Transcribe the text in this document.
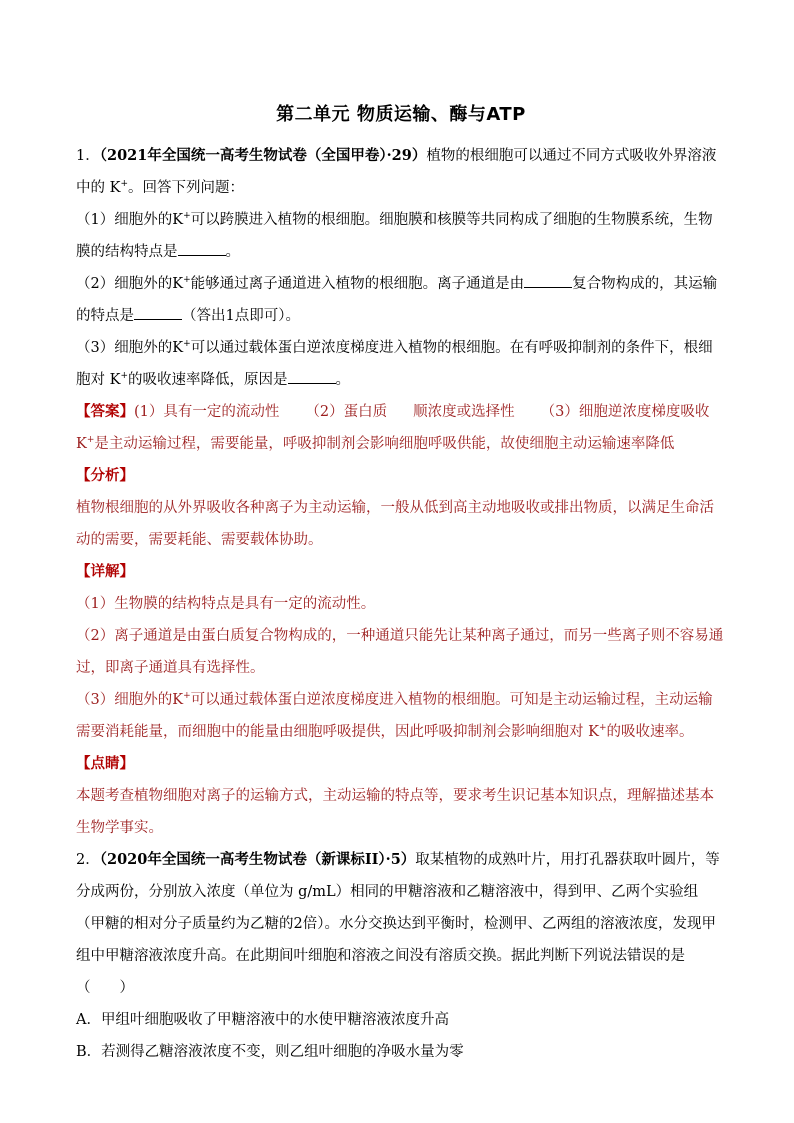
第二单元 物质运输、酶与ATP

1．（2021年全国统一高考生物试卷（全国甲卷）·29）植物的根细胞可以通过不同方式吸收外界溶液中的 K+。回答下列问题：

（1）细胞外的K+可以跨膜进入植物的根细胞。细胞膜和核膜等共同构成了细胞的生物膜系统，生物膜的结构特点是	。

（2）细胞外的K+能够通过离子通道进入植物的根细胞。离子通道是由	复合物构成的，其运输的特点是	（答出1点即可）。

（3）细胞外的K+可以通过载体蛋白逆浓度梯度进入植物的根细胞。在有呼吸抑制剂的条件下，根细胞对 K+的吸收速率降低，原因是	。

【答案】(1）具有一定的流动性 （2）蛋白质 顺浓度或选择性 （3）细胞逆浓度梯度吸收 K+是主动运输过程，需要能量，呼吸抑制剂会影响细胞呼吸供能，故使细胞主动运输速率降低

【分析】

植物根细胞的从外界吸收各种离子为主动运输，一般从低到高主动地吸收或排出物质，以满足生命活动的需要，需要耗能、需要载体协助。

【详解】

（1）生物膜的结构特点是具有一定的流动性。

（2）离子通道是由蛋白质复合物构成的，一种通道只能先让某种离子通过，而另一些离子则不容易通过，即离子通道具有选择性。

（3）细胞外的K+可以通过载体蛋白逆浓度梯度进入植物的根细胞。可知是主动运输过程，主动运输需要消耗能量，而细胞中的能量由细胞呼吸提供，因此呼吸抑制剂会影响细胞对 K+的吸收速率。

【点睛】

本题考查植物细胞对离子的运输方式，主动运输的特点等，要求考生识记基本知识点，理解描述基本生物学事实。

2．（2020年全国统一高考生物试卷（新课标II）·5）取某植物的成熟叶片，用打孔器获取叶圆片，等分成两份，分别放入浓度（单位为 g/mL）相同的甲糖溶液和乙糖溶液中，得到甲、乙两个实验组（甲糖的相对分子质量约为乙糖的2倍）。水分交换达到平衡时，检测甲、乙两组的溶液浓度，发现甲组中甲糖溶液浓度升高。在此期间叶细胞和溶液之间没有溶质交换。据此判断下列说法错误的是（　　）

A．甲组叶细胞吸收了甲糖溶液中的水使甲糖溶液浓度升高

B．若测得乙糖溶液浓度不变，则乙组叶细胞的净吸水量为零
